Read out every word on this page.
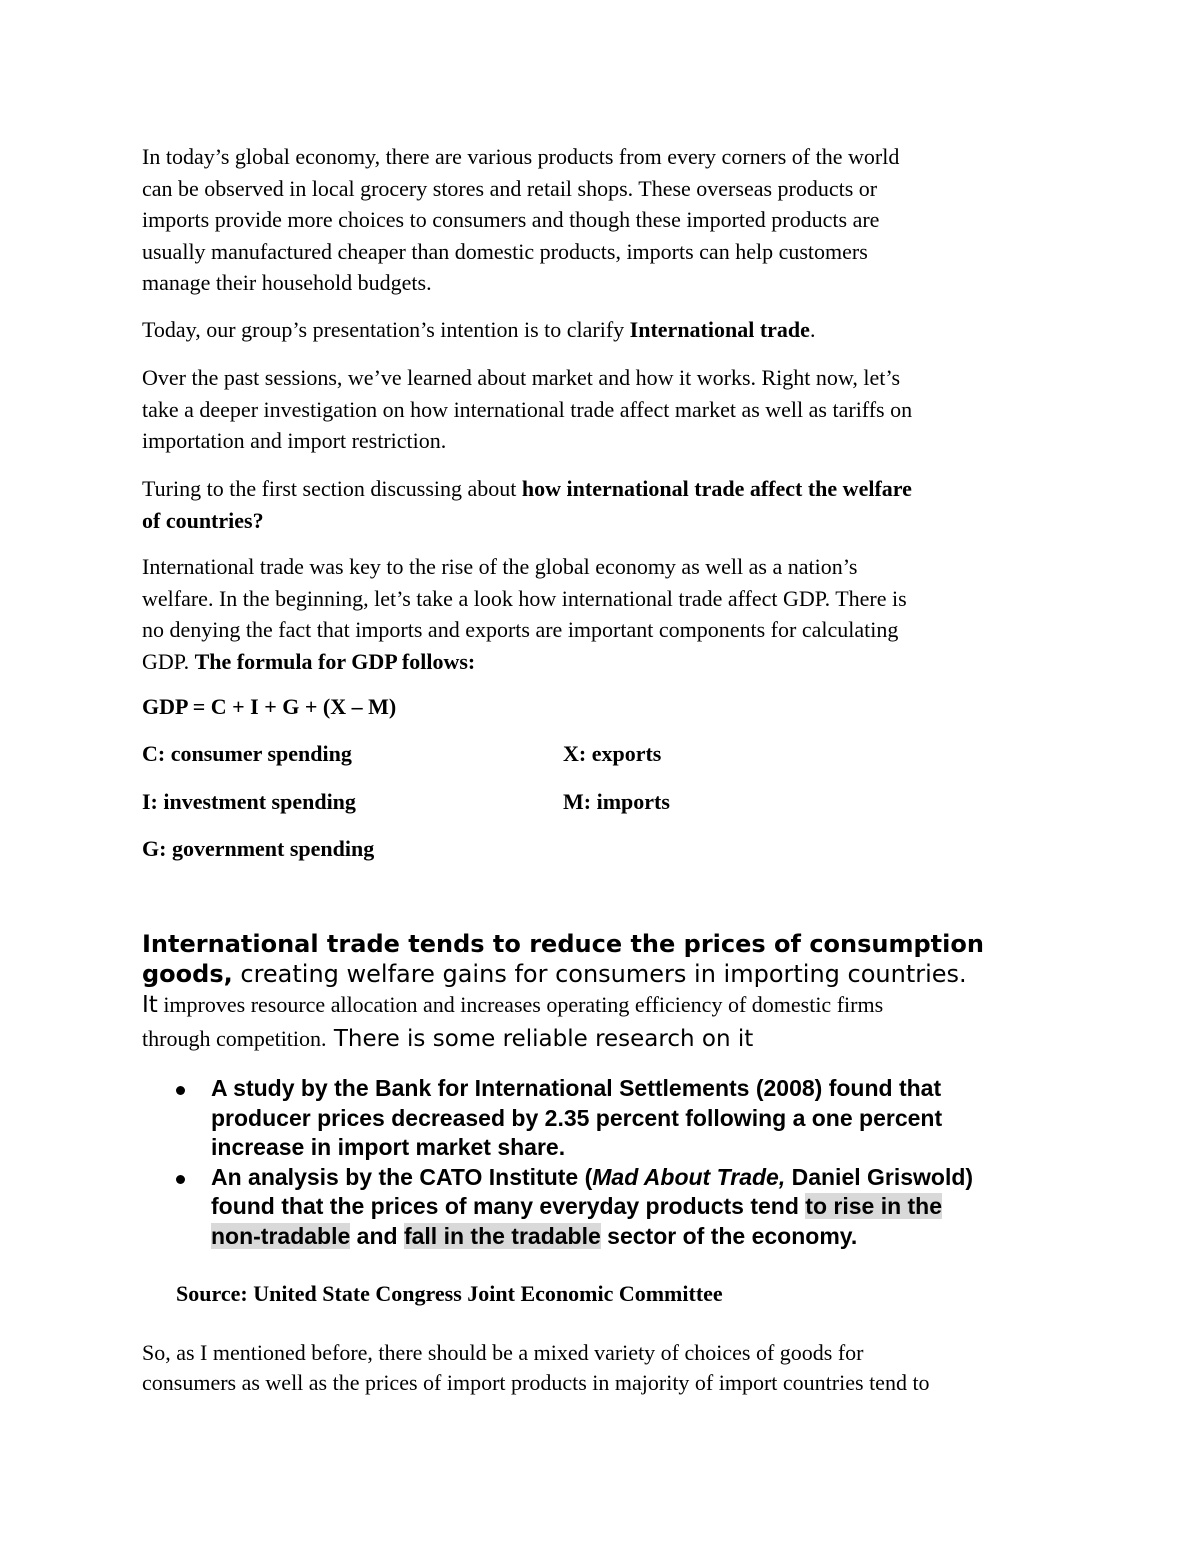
In today’s global economy, there are various products from every corners of the world
can be observed in local grocery stores and retail shops. These overseas products or
imports provide more choices to consumers and though these imported products are
usually manufactured cheaper than domestic products, imports can help customers
manage their household budgets.

Today, our group’s presentation’s intention is to clarify International trade.

Over the past sessions, we’ve learned about market and how it works. Right now, let’s
take a deeper investigation on how international trade affect market as well as tariffs on
importation and import restriction.

Turing to the first section discussing about how international trade affect the welfare
of countries?

International trade was key to the rise of the global economy as well as a nation’s
welfare. In the beginning, let’s take a look how international trade affect GDP. There is
no denying the fact that imports and exports are important components for calculating
GDP. The formula for GDP follows:

GDP = C + I + G + (X – M)

C: consumer spending

I: investment spending

G: government spending

X: exports

M: imports

International trade tends to reduce the prices of consumption
goods, creating welfare gains for consumers in importing countries.
It improves resource allocation and increases operating efficiency of domestic firms
through competition. There is some reliable research on it
A study by the Bank for International Settlements (2008) found that
producer prices decreased by 2.35 percent following a one percent
increase in import market share.
An analysis by the CATO Institute (Mad About Trade, Daniel Griswold)
found that the prices of many everyday products tend to rise in the
non-tradable and fall in the tradable sector of the economy.

Source: United State Congress Joint Economic Committee

So, as I mentioned before, there should be a mixed variety of choices of goods for
consumers as well as the prices of import products in majority of import countries tend to
